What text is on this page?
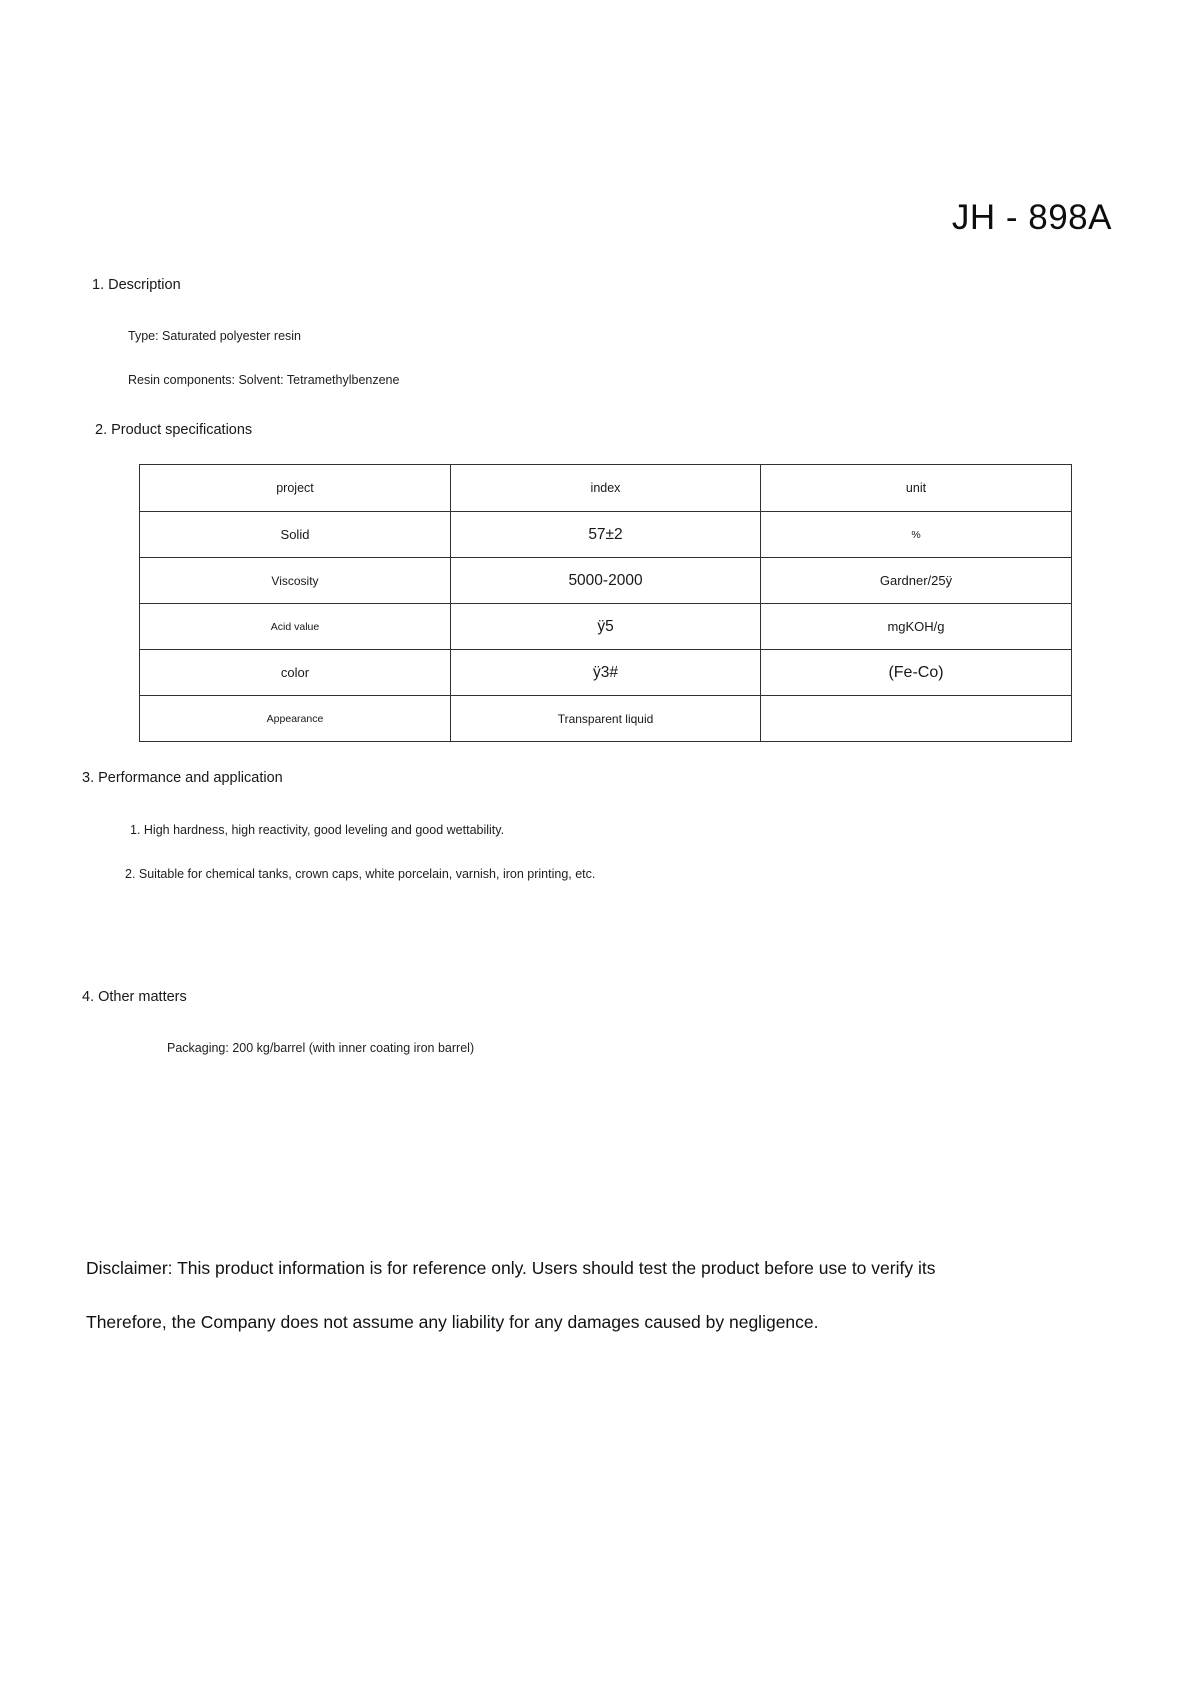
JH - 898A
1. Description
Type: Saturated polyester resin
Resin components: Solvent: Tetramethylbenzene
2. Product specifications
project	index	unit
Solid	57±2	%
Viscosity	5000-2000	Gardner/25ÿ
Acid value	ÿ5	mgKOH/g
color	ÿ3#	(Fe-Co)
Appearance	Transparent liquid	
3. Performance and application
1. High hardness, high reactivity, good leveling and good wettability.
2. Suitable for chemical tanks, crown caps, white porcelain, varnish, iron printing, etc.
4. Other matters
Packaging: 200 kg/barrel (with inner coating iron barrel)
Disclaimer: This product information is for reference only. Users should test the product before use to verify its
Therefore, the Company does not assume any liability for any damages caused by negligence.
